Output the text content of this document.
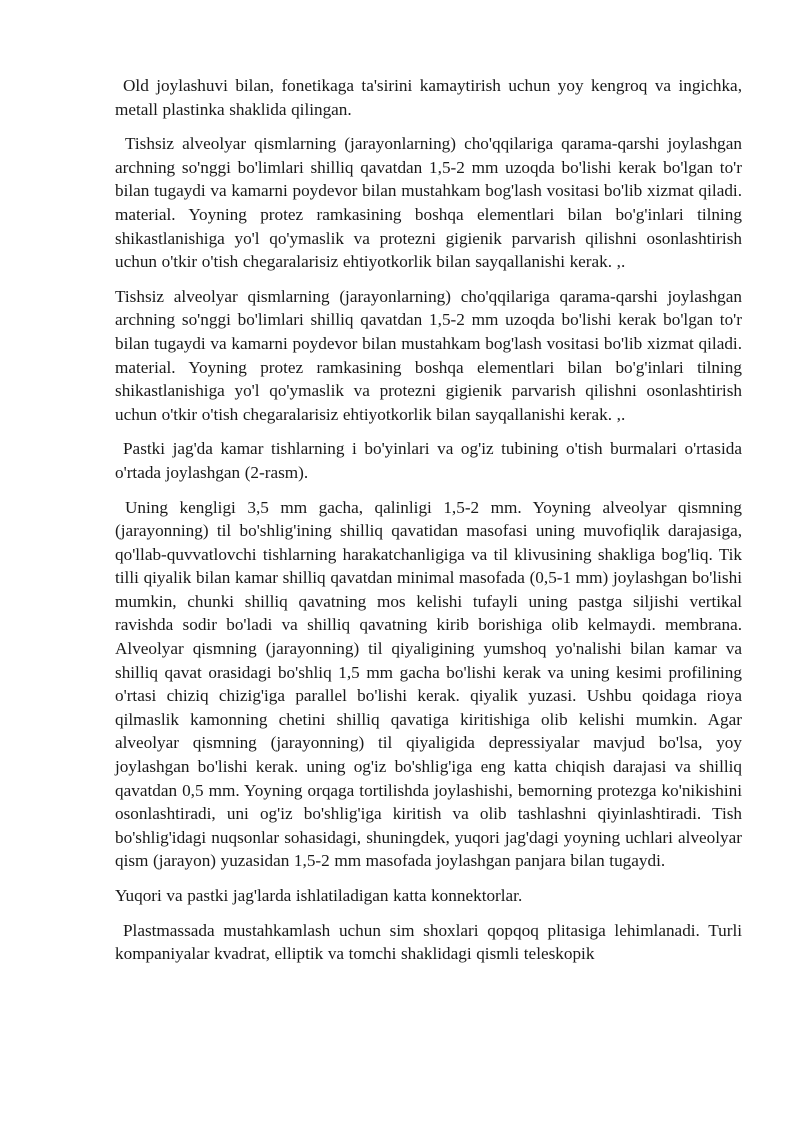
Old joylashuvi bilan, fonetikaga ta'sirini kamaytirish uchun yoy kengroq va ingichka, metall plastinka shaklida qilingan.

Tishsiz alveolyar qismlarning (jarayonlarning) cho'qqilariga qarama-qarshi joylashgan archning so'nggi bo'limlari shilliq qavatdan 1,5-2 mm uzoqda bo'lishi kerak bo'lgan to'r bilan tugaydi va kamarni poydevor bilan mustahkam bog'lash vositasi bo'lib xizmat qiladi. material. Yoyning protez ramkasining boshqa elementlari bilan bo'g'inlari tilning shikastlanishiga yo'l qo'ymaslik va protezni gigienik parvarish qilishni osonlashtirish uchun o'tkir o'tish chegaralarisiz ehtiyotkorlik bilan sayqallanishi kerak. ,.

Tishsiz alveolyar qismlarning (jarayonlarning) cho'qqilariga qarama-qarshi joylashgan archning so'nggi bo'limlari shilliq qavatdan 1,5-2 mm uzoqda bo'lishi kerak bo'lgan to'r bilan tugaydi va kamarni poydevor bilan mustahkam bog'lash vositasi bo'lib xizmat qiladi. material. Yoyning protez ramkasining boshqa elementlari bilan bo'g'inlari tilning shikastlanishiga yo'l qo'ymaslik va protezni gigienik parvarish qilishni osonlashtirish uchun o'tkir o'tish chegaralarisiz ehtiyotkorlik bilan sayqallanishi kerak. ,.

Pastki jag'da kamar tishlarning i bo'yinlari va og'iz tubining o'tish burmalari o'rtasida o'rtada joylashgan (2-rasm).

Uning kengligi 3,5 mm gacha, qalinligi 1,5-2 mm. Yoyning alveolyar qismning (jarayonning) til bo'shlig'ining shilliq qavatidan masofasi uning muvofiqlik darajasiga, qo'llab-quvvatlovchi tishlarning harakatchanligiga va til klivusining shakliga bog'liq. Tik tilli qiyalik bilan kamar shilliq qavatdan minimal masofada (0,5-1 mm) joylashgan bo'lishi mumkin, chunki shilliq qavatning mos kelishi tufayli uning pastga siljishi vertikal ravishda sodir bo'ladi va shilliq qavatning kirib borishiga olib kelmaydi. membrana. Alveolyar qismning (jarayonning) til qiyaligining yumshoq yo'nalishi bilan kamar va shilliq qavat orasidagi bo'shliq 1,5 mm gacha bo'lishi kerak va uning kesimi profilining o'rtasi chiziq chizig'iga parallel bo'lishi kerak. qiyalik yuzasi. Ushbu qoidaga rioya qilmaslik kamonning chetini shilliq qavatiga kiritishiga olib kelishi mumkin. Agar alveolyar qismning (jarayonning) til qiyaligida depressiyalar mavjud bo'lsa, yoy joylashgan bo'lishi kerak. uning og'iz bo'shlig'iga eng katta chiqish darajasi va shilliq qavatdan 0,5 mm. Yoyning orqaga tortilishda joylashishi, bemorning protezga ko'nikishini osonlashtiradi, uni og'iz bo'shlig'iga kiritish va olib tashlashni qiyinlashtiradi. Tish bo'shlig'idagi nuqsonlar sohasidagi, shuningdek, yuqori jag'dagi yoyning uchlari alveolyar qism (jarayon) yuzasidan 1,5-2 mm masofada joylashgan panjara bilan tugaydi.

Yuqori va pastki jag'larda ishlatiladigan katta konnektorlar.

Plastmassada mustahkamlash uchun sim shoxlari qopqoq plitasiga lehimlanadi. Turli kompaniyalar kvadrat, elliptik va tomchi shaklidagi qismli teleskopik
